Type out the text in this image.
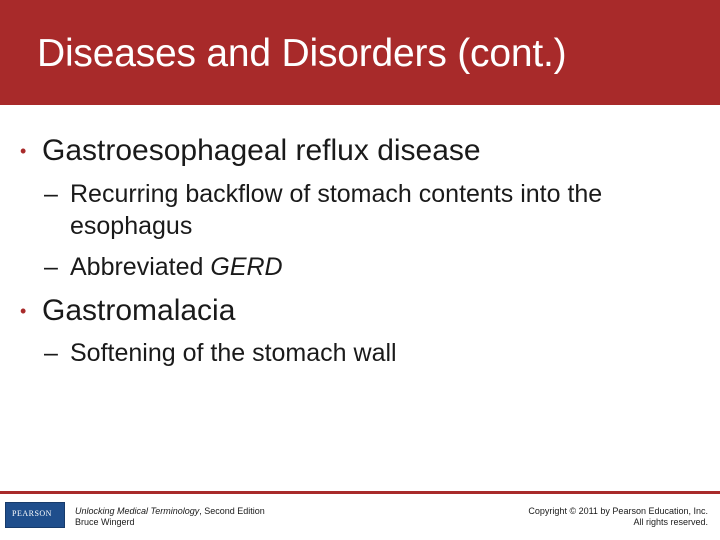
Diseases and Disorders (cont.)
• Gastroesophageal reflux disease
– Recurring backflow of stomach contents into the esophagus
– Abbreviated GERD
• Gastromalacia
– Softening of the stomach wall
PEARSON	Unlocking Medical Terminology, Second Edition
Bruce Wingerd
Copyright © 2011 by Pearson Education, Inc.
All rights reserved.
